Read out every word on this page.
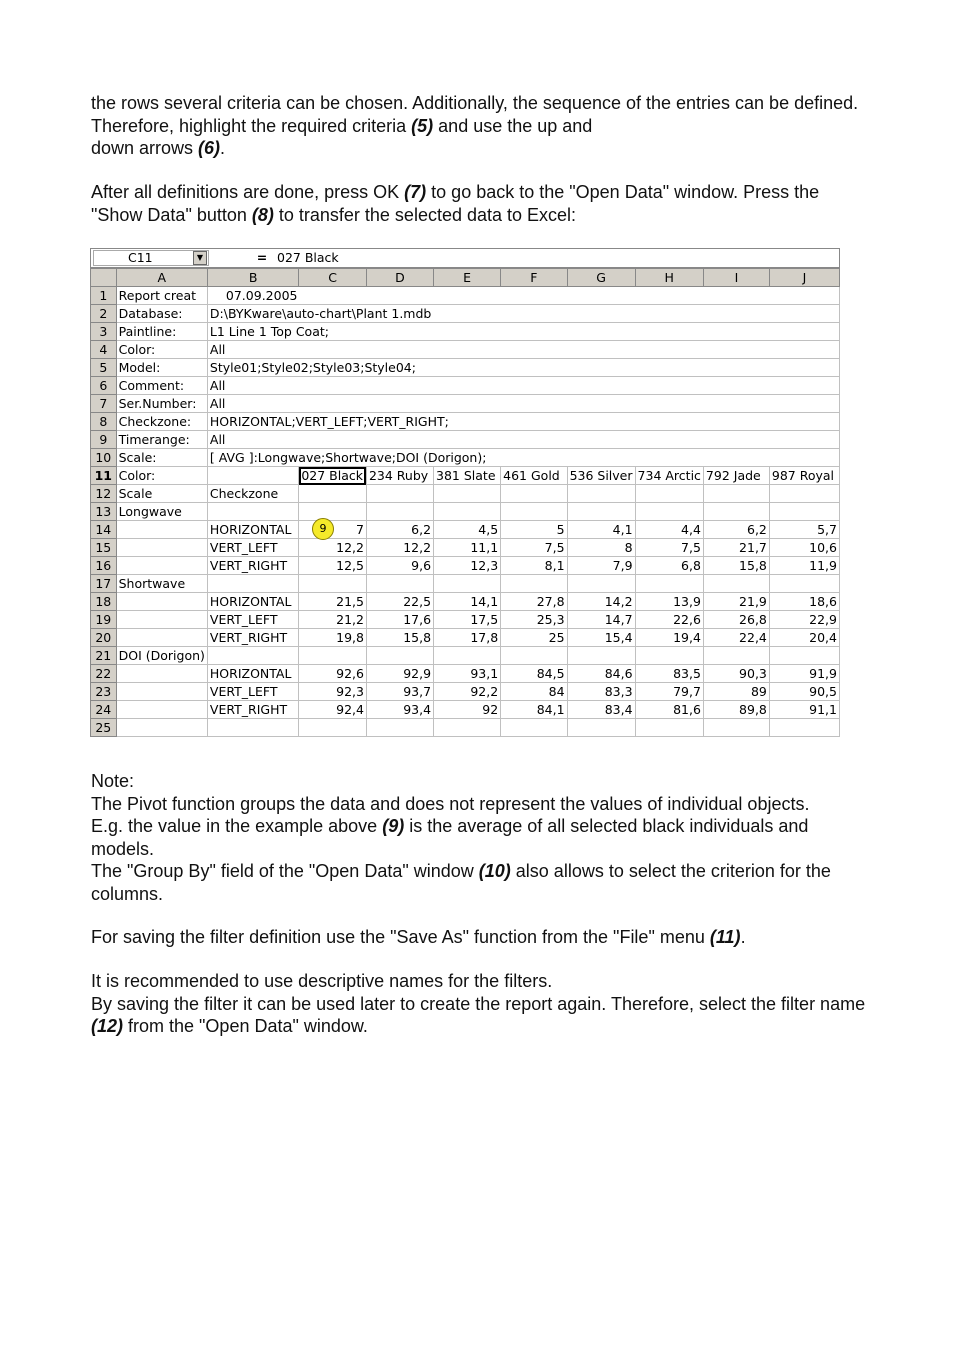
the rows several criteria can be chosen. Additionally, the sequence of the entries can be defined. Therefore, highlight the required criteria (5) and use the up and
down arrows (6).

After all definitions are done, press OK (7) to go back to the "Open Data" window. Press the "Show Data" button (8) to transfer the selected data to Excel:

C11	▼	= 027 Black
	A	B	C	D	E	F	G	H	I	J
1	Report creat	07.09.2005								
2	Database:	D:\BYKware\auto-chart\Plant 1.mdb								
3	Paintline:	L1 Line 1 Top Coat;								
4	Color:	All								
5	Model:	Style01;Style02;Style03;Style04;								
6	Comment:	All								
7	Ser.Number:	All								
8	Checkzone:	HORIZONTAL;VERT_LEFT;VERT_RIGHT;								
9	Timerange:	All								
10	Scale:	[ AVG ]:Longwave;Shortwave;DOI (Dorigon);								
11	Color:		027 Black	234 Ruby	381 Slate	461 Gold	536 Silver	734 Arctic	792 Jade	987 Royal
12	Scale	Checkzone								
13	Longwave									
14		HORIZONTAL	7	6,2	4,5	5	4,1	4,4	6,2	5,7
15		VERT_LEFT	12,2	12,2	11,1	7,5	8	7,5	21,7	10,6
16		VERT_RIGHT	12,5	9,6	12,3	8,1	7,9	6,8	15,8	11,9
17	Shortwave									
18		HORIZONTAL	21,5	22,5	14,1	27,8	14,2	13,9	21,9	18,6
19		VERT_LEFT	21,2	17,6	17,5	25,3	14,7	22,6	26,8	22,9
20		VERT_RIGHT	19,8	15,8	17,8	25	15,4	19,4	22,4	20,4
21	DOI (Dorigon)									
22		HORIZONTAL	92,6	92,9	93,1	84,5	84,6	83,5	90,3	91,9
23		VERT_LEFT	92,3	93,7	92,2	84	83,3	79,7	89	90,5
24		VERT_RIGHT	92,4	93,4	92	84,1	83,4	81,6	89,8	91,1
25										
9
Note:
The Pivot function groups the data and does not represent the values of individual objects.
E.g. the value in the example above (9) is the average of all selected black individuals and models.
The "Group By" field of the "Open Data" window (10) also allows to select the criterion for the columns.

For saving the filter definition use the "Save As" function from the "File" menu (11).

It is recommended to use descriptive names for the filters.
By saving the filter it can be used later to create the report again. Therefore, select the filter name (12) from the "Open Data" window.
